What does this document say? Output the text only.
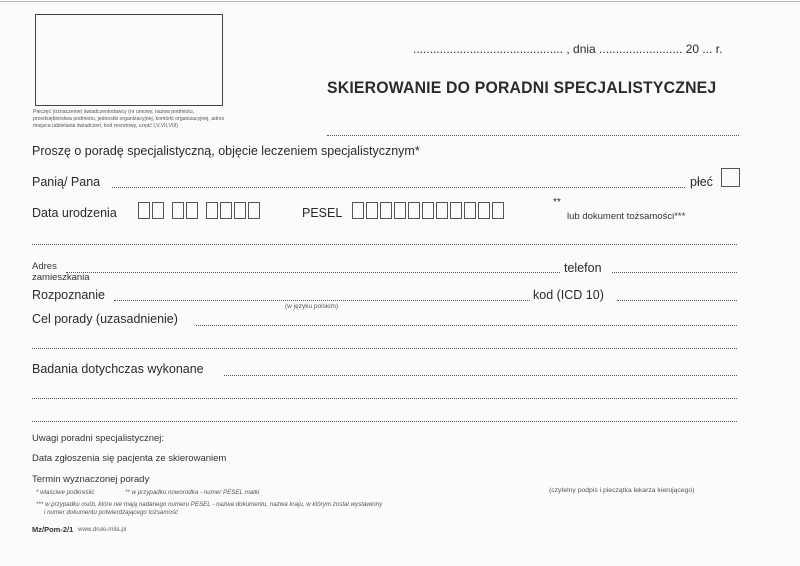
Pieczęć (oznaczenie) świadczeniodawcy (nr umowy, nazwa podmiotu, przedsiębiorstwa podmiotu, jednostki organizacyjnej, komórki organizacyjnej, adres miejsca udzielania świadczeń, kod resortowy, część I,V,VII,VIII)
............................................. , dnia ......................... 20 ... r.
SKIEROWANIE DO PORADNI SPECJALISTYCZNEJ
Proszę o poradę specjalistyczną, objęcie leczeniem specjalistycznym*
Panią/ Pana	płeć
Data urodzenia	PESEL
**
lub dokument tożsamości***
Adres zamieszkania
telefon
Rozpoznanie
(w języku polskim)
kod (ICD 10)
Cel porady (uzasadnienie)
Badania dotychczas wykonane
Uwagi poradni specjalistycznej:
Data zgłoszenia się pacjenta ze skierowaniem
Termin wyznaczonej porady
* właściwe podkreślić	** w przypadku noworodka - numer PESEL matki
*** w przypadku osób, które nie mają nadanego numeru PESEL - nazwa dokumentu, nazwa kraju, w którym został wystawiony
i numer dokumentu potwierdzającego tożsamość
(czytelny podpis i pieczątka lekarza kierującego)
Mz/Pom-2/1 www.druki-mila.pl
